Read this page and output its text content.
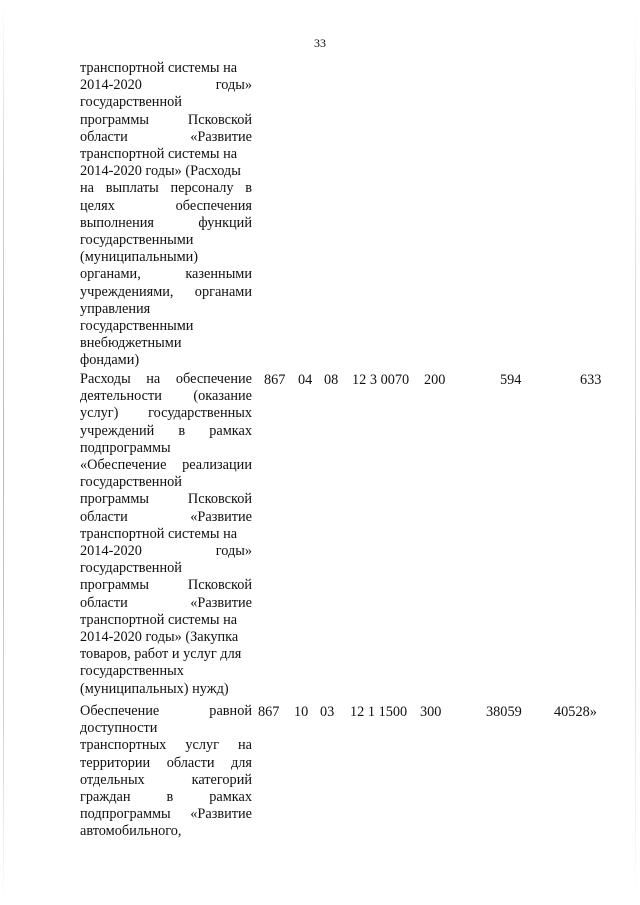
33
транспортной системы на
2014-2020 годы»
государственной
программы Псковской
области «Развитие
транспортной системы на
2014-2020 годы» (Расходы
на выплаты персоналу в
целях обеспечения
выполнения функций
государственными
(муниципальными)
органами, казенными
учреждениями, органами
управления
государственными
внебюджетными
фондами)
Расходы на обеспечение
деятельности (оказание
услуг) государственных
учреждений в рамках
подпрограммы
«Обеспечение реализации
государственной
программы Псковской
области «Развитие
транспортной системы на
2014-2020 годы»
государственной
программы Псковской
области «Развитие
транспортной системы на
2014-2020 годы» (Закупка
товаров, работ и услуг для
государственных
(муниципальных) нужд)
867 04 08 12 3 0070 200	594	633
Обеспечение равной
доступности
транспортных услуг на
территории области для
отдельных категорий
граждан в рамках
подпрограммы «Развитие
автомобильного,
867 10 03 12 1 1500 300	38059 40528»
